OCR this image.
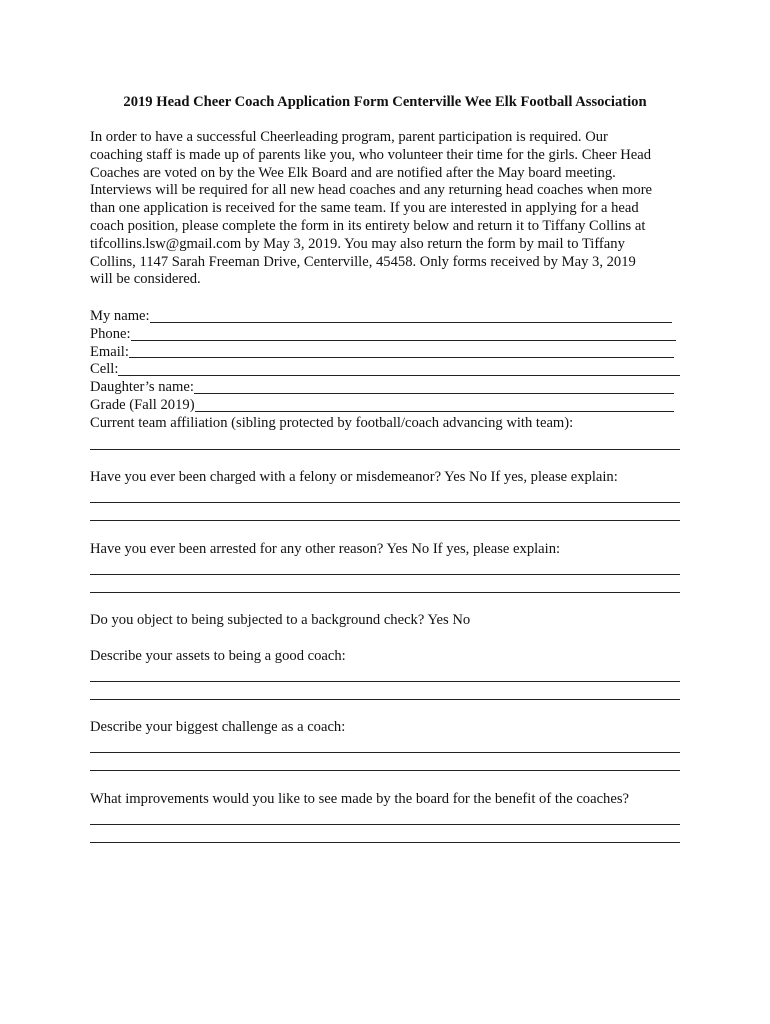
2019 Head Cheer Coach Application Form Centerville Wee Elk Football Association

In order to have a successful Cheerleading program, parent participation is required. Our
coaching staff is made up of parents like you, who volunteer their time for the girls. Cheer Head
Coaches are voted on by the Wee Elk Board and are notified after the May board meeting.
Interviews will be required for all new head coaches and any returning head coaches when more
than one application is received for the same team. If you are interested in applying for a head
coach position, please complete the form in its entirety below and return it to Tiffany Collins at
tifcollins.lsw@gmail.com by May 3, 2019. You may also return the form by mail to Tiffany
Collins, 1147 Sarah Freeman Drive, Centerville, 45458. Only forms received by May 3, 2019
will be considered.

My name:
Phone:
Email:
Cell:
Daughter’s name:
Grade (Fall 2019)
Current team affiliation (sibling protected by football/coach advancing with team):
Have you ever been charged with a felony or misdemeanor? Yes No If yes, please explain:
Have you ever been arrested for any other reason? Yes No If yes, please explain:
Do you object to being subjected to a background check? Yes No
Describe your assets to being a good coach:
Describe your biggest challenge as a coach:
What improvements would you like to see made by the board for the benefit of the coaches?
